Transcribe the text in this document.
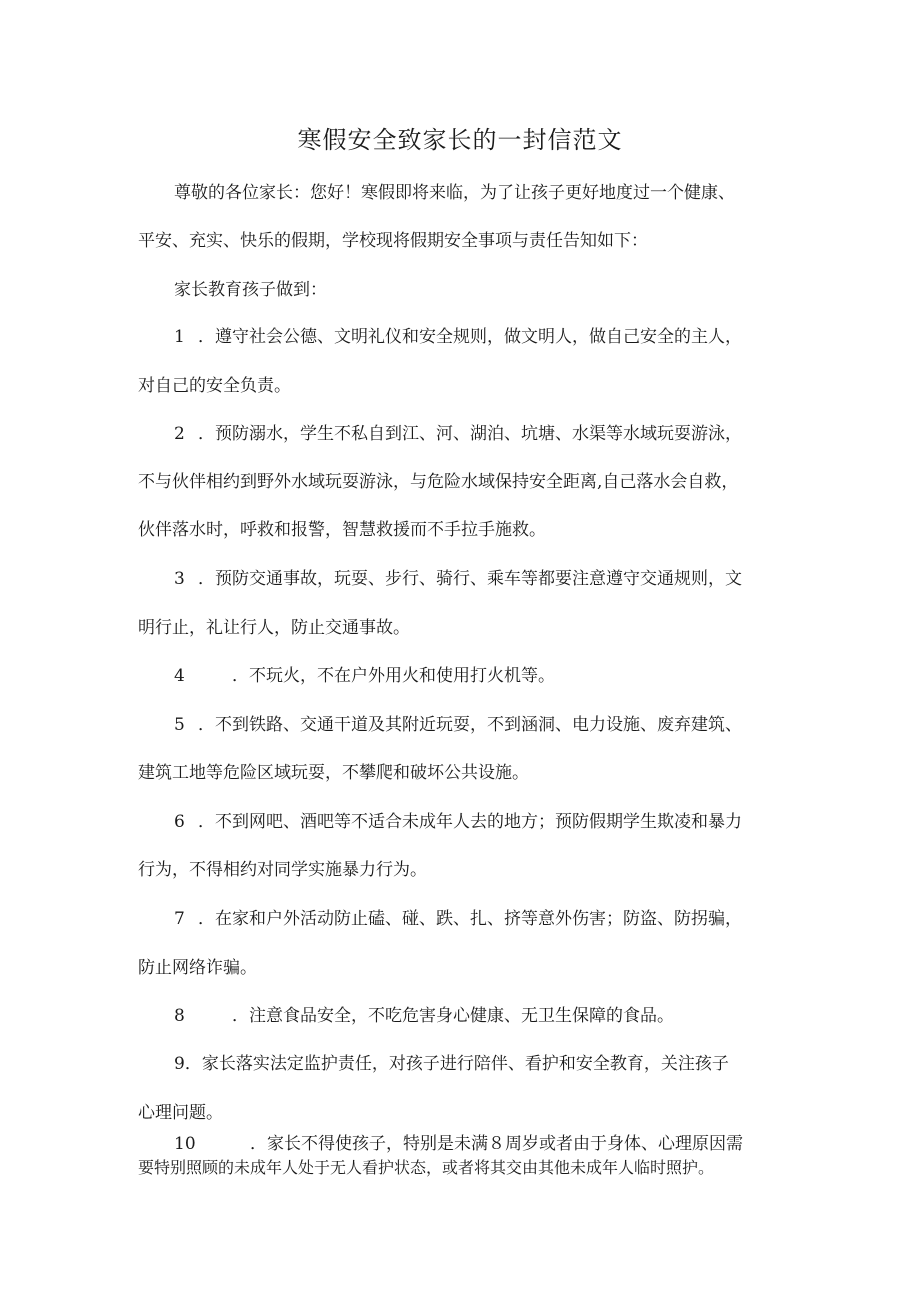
寒假安全致家长的一封信范文
尊敬的各位家长：您好！寒假即将来临，为了让孩子更好地度过一个健康、
平安、充实、快乐的假期，学校现将假期安全事项与责任告知如下：
家长教育孩子做到：
1 ．遵守社会公德、文明礼仪和安全规则，做文明人，做自己安全的主人，
对自己的安全负责。
2 ．预防溺水，学生不私自到江、河、湖泊、坑塘、水渠等水域玩耍游泳，
不与伙伴相约到野外水域玩耍游泳，与危险水域保持安全距离,自己落水会自救，
伙伴落水时，呼救和报警，智慧救援而不手拉手施救。
3 ．预防交通事故，玩耍、步行、骑行、乘车等都要注意遵守交通规则，文
明行止，礼让行人，防止交通事故。
4	．不玩火，不在户外用火和使用打火机等。
5 ．不到铁路、交通干道及其附近玩耍，不到涵洞、电力设施、废弃建筑、
建筑工地等危险区域玩耍，不攀爬和破坏公共设施。
6 ．不到网吧、酒吧等不适合未成年人去的地方；预防假期学生欺凌和暴力
行为，不得相约对同学实施暴力行为。
7 ．在家和户外活动防止磕、碰、跌、扎、挤等意外伤害；防盗、防拐骗，
防止网络诈骗。
8	．注意食品安全，不吃危害身心健康、无卫生保障的食品。
9．家长落实法定监护责任，对孩子进行陪伴、看护和安全教育，关注孩子
心理问题。
10	．家长不得使孩子，特别是未满８周岁或者由于身体、心理原因需
要特别照顾的未成年人处于无人看护状态，或者将其交由其他未成年人临时照护。
